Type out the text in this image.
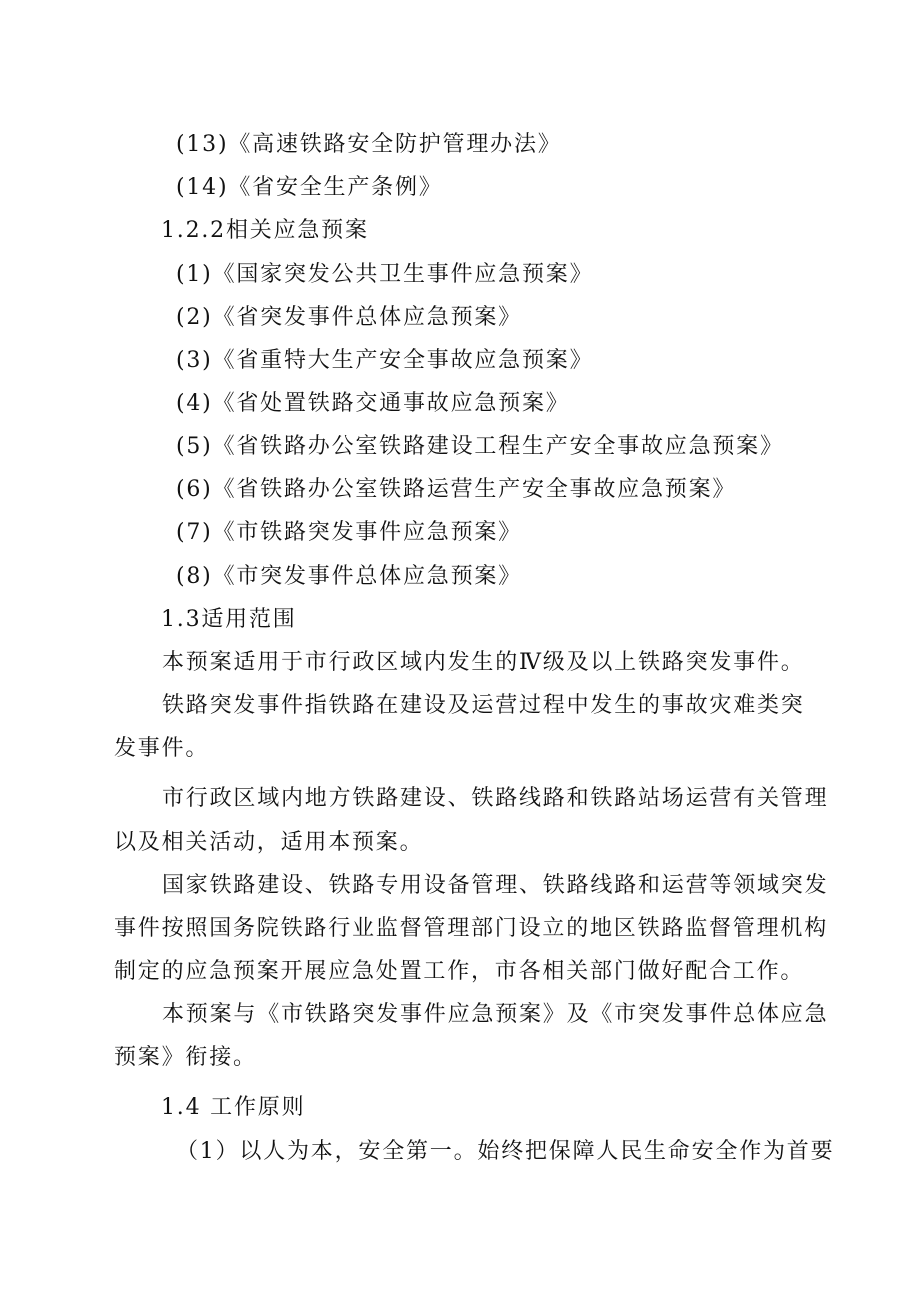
(13)《高速铁路安全防护管理办法》
(14)《省安全生产条例》
1.2.2相关应急预案
(1)《国家突发公共卫生事件应急预案》
(2)《省突发事件总体应急预案》
(3)《省重特大生产安全事故应急预案》
(4)《省处置铁路交通事故应急预案》
(5)《省铁路办公室铁路建设工程生产安全事故应急预案》
(6)《省铁路办公室铁路运营生产安全事故应急预案》
(7)《市铁路突发事件应急预案》
(8)《市突发事件总体应急预案》
1.3适用范围
本预案适用于市行政区域内发生的Ⅳ级及以上铁路突发事件。
铁路突发事件指铁路在建设及运营过程中发生的事故灾难类突
发事件。
市行政区域内地方铁路建设、铁路线路和铁路站场运营有关管理
以及相关活动，适用本预案。
国家铁路建设、铁路专用设备管理、铁路线路和运营等领域突发
事件按照国务院铁路行业监督管理部门设立的地区铁路监督管理机构
制定的应急预案开展应急处置工作，市各相关部门做好配合工作。
本预案与《市铁路突发事件应急预案》及《市突发事件总体应急
预案》衔接。
1.4 工作原则
（1）以人为本，安全第一。始终把保障人民生命安全作为首要
